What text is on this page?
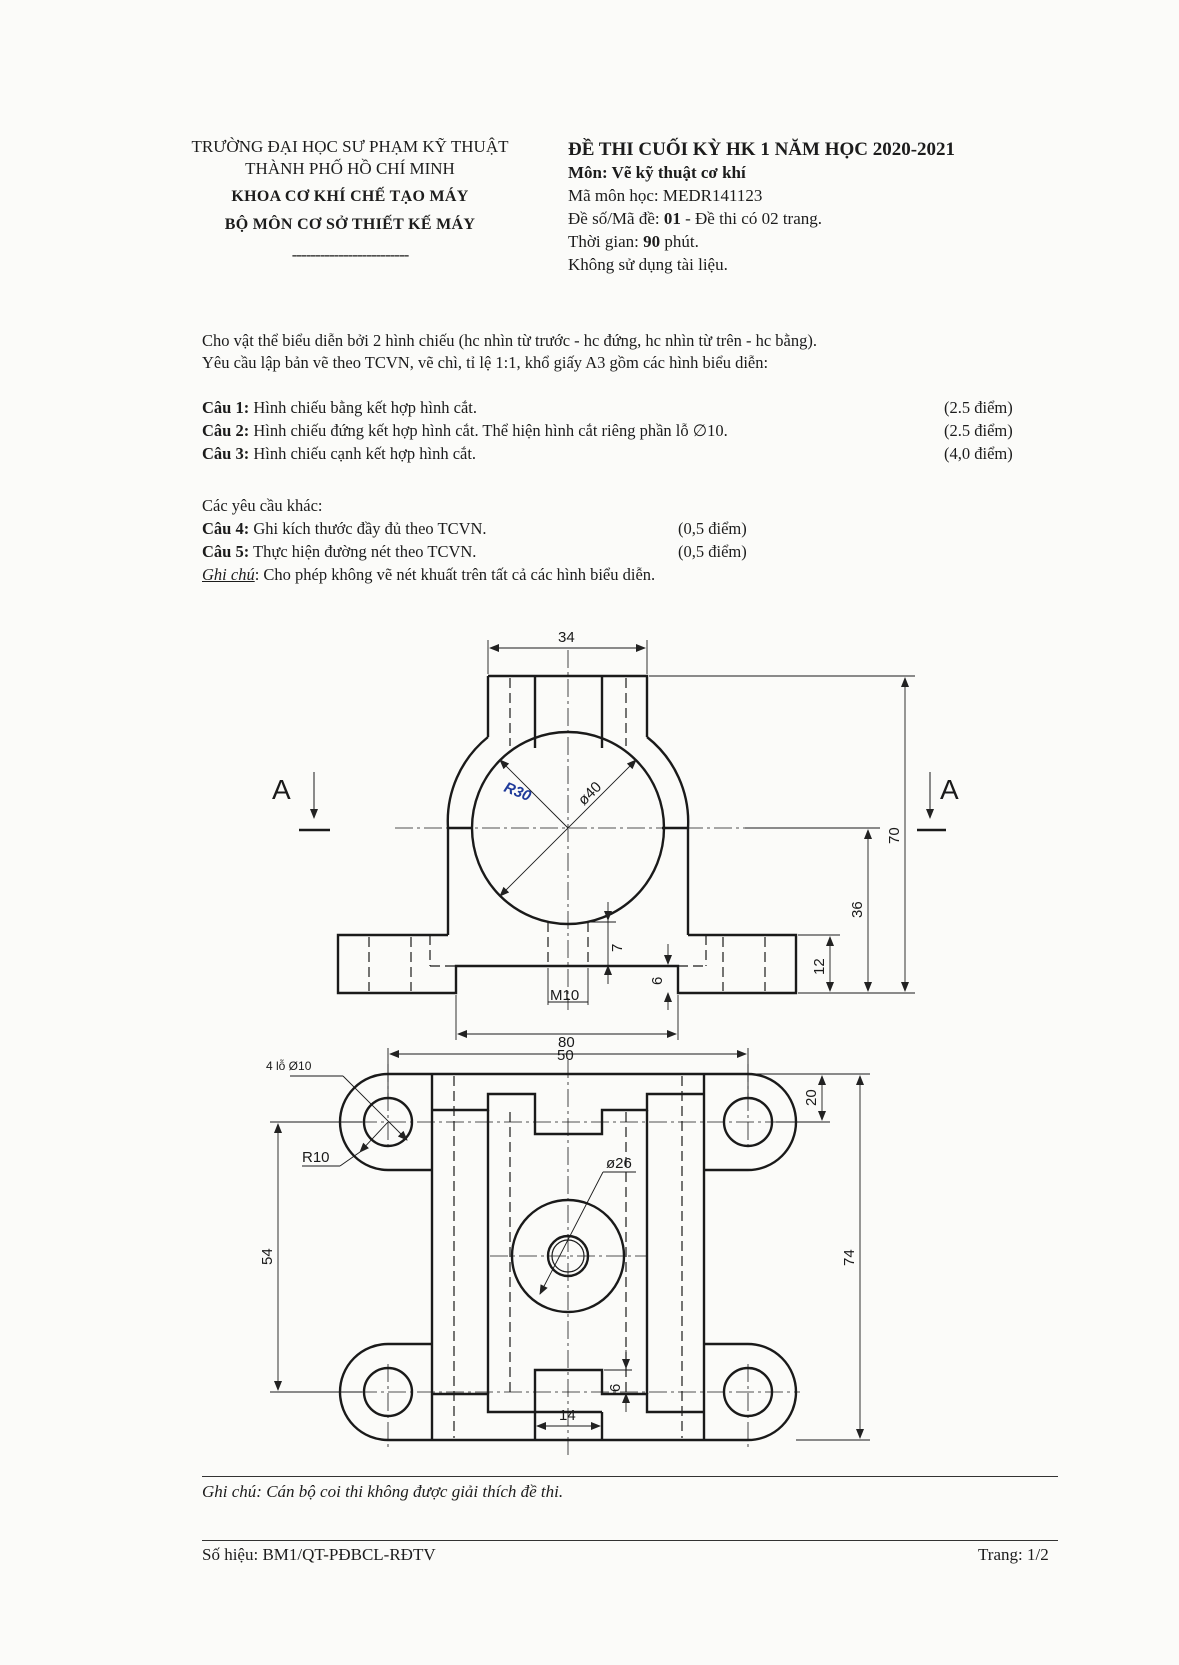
TRƯỜNG ĐẠI HỌC SƯ PHẠM KỸ THUẬT
THÀNH PHỐ HỒ CHÍ MINH
KHOA CƠ KHÍ CHẾ TẠO MÁY
BỘ MÔN CƠ SỞ THIẾT KẾ MÁY
-------------------------
ĐỀ THI CUỐI KỲ HK 1 NĂM HỌC 2020-2021
Môn: Vẽ kỹ thuật cơ khí
Mã môn học: MEDR141123
Đề số/Mã đề: 01 - Đề thi có 02 trang.
Thời gian: 90 phút.
Không sử dụng tài liệu.
Cho vật thể biểu diễn bởi 2 hình chiếu (hc nhìn từ trước - hc đứng, hc nhìn từ trên - hc bằng).
Yêu cầu lập bản vẽ theo TCVN, vẽ chì, tỉ lệ 1:1, khổ giấy A3 gồm các hình biểu diễn:
Câu 1: Hình chiếu bằng kết hợp hình cắt.	(2.5 điểm)
Câu 2: Hình chiếu đứng kết hợp hình cắt. Thể hiện hình cắt riêng phần lỗ ∅10.	(2.5 điểm)
Câu 3: Hình chiếu cạnh kết hợp hình cắt.	(4,0 điểm)
Các yêu cầu khác:
Câu 4: Ghi kích thước đầy đủ theo TCVN.	(0,5 điểm)
Câu 5: Thực hiện đường nét theo TCVN.	(0,5 điểm)
Ghi chú: Cho phép không vẽ nét khuất trên tất cả các hình biểu diễn.
34
R30	ø40
70
36
12
7
6
M10
50
A	A
80
4 lỗ Ø10
R10	ø26
20
54	74
6
14
Ghi chú: Cán bộ coi thi không được giải thích đề thi.
Số hiệu: BM1/QT-PĐBCL-RĐTV	Trang: 1/2
